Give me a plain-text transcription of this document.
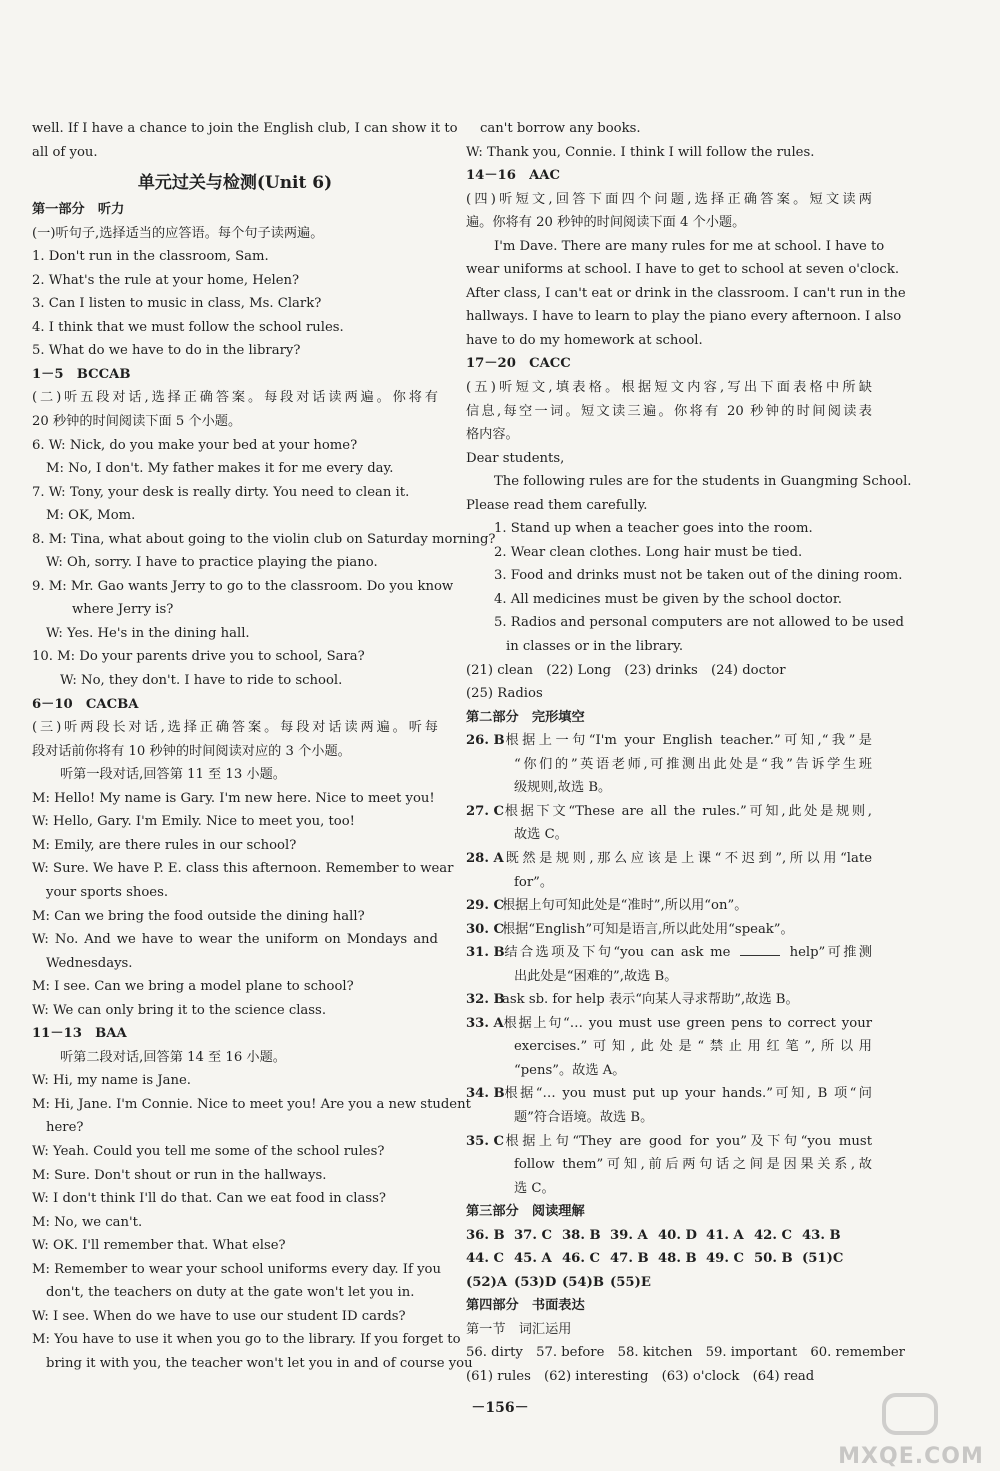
well. If I have a chance to join the English club, I can show it to
all of you.
单元过关与检测(Unit 6)
第一部分　听力
(一)听句子,选择适当的应答语。每个句子读两遍。
1. Don't run in the classroom, Sam.
2. What's the rule at your home, Helen?
3. Can I listen to music in class, Ms. Clark?
4. I think that we must follow the school rules.
5. What do we have to do in the library?
1－5　BCCAB
(二)听五段对话,选择正确答案。每段对话读两遍。你将有
20 秒钟的时间阅读下面 5 个小题。
6. W: Nick, do you make your bed at your home?
M: No, I don't. My father makes it for me every day.
7. W: Tony, your desk is really dirty. You need to clean it.
M: OK, Mom.
8. M: Tina, what about going to the violin club on Saturday morning?
W: Oh, sorry. I have to practice playing the piano.
9. M: Mr. Gao wants Jerry to go to the classroom. Do you know
where Jerry is?
W: Yes. He's in the dining hall.
10. M: Do your parents drive you to school, Sara?
W: No, they don't. I have to ride to school.
6－10　CACBA
(三)听两段长对话,选择正确答案。每段对话读两遍。听每
段对话前你将有 10 秒钟的时间阅读对应的 3 个小题。
听第一段对话,回答第 11 至 13 小题。
M: Hello! My name is Gary. I'm new here. Nice to meet you!
W: Hello, Gary. I'm Emily. Nice to meet you, too!
M: Emily, are there rules in our school?
W: Sure. We have P. E. class this afternoon. Remember to wear
your sports shoes.
M: Can we bring the food outside the dining hall?
W: No. And we have to wear the uniform on Mondays and
Wednesdays.
M: I see. Can we bring a model plane to school?
W: We can only bring it to the science class.
11－13　BAA
听第二段对话,回答第 14 至 16 小题。
W: Hi, my name is Jane.
M: Hi, Jane. I'm Connie. Nice to meet you! Are you a new student
here?
W: Yeah. Could you tell me some of the school rules?
M: Sure. Don't shout or run in the hallways.
W: I don't think I'll do that. Can we eat food in class?
M: No, we can't.
W: OK. I'll remember that. What else?
M: Remember to wear your school uniforms every day. If you
don't, the teachers on duty at the gate won't let you in.
W: I see. When do we have to use our student ID cards?
M: You have to use it when you go to the library. If you forget to
bring it with you, the teacher won't let you in and of course you
can't borrow any books.
W: Thank you, Connie. I think I will follow the rules.
14－16　AAC
(四)听短文,回答下面四个问题,选择正确答案。短文读两
遍。你将有 20 秒钟的时间阅读下面 4 个小题。
I'm Dave. There are many rules for me at school. I have to
wear uniforms at school. I have to get to school at seven o'clock.
After class, I can't eat or drink in the classroom. I can't run in the
hallways. I have to learn to play the piano every afternoon. I also
have to do my homework at school.
17－20　CACC
(五)听短文,填表格。根据短文内容,写出下面表格中所缺
信息,每空一词。短文读三遍。你将有 20 秒钟的时间阅读表
格内容。
Dear students,
The following rules are for the students in Guangming School.
Please read them carefully.
1. Stand up when a teacher goes into the room.
2. Wear clean clothes. Long hair must be tied.
3. Food and drinks must not be taken out of the dining room.
4. All medicines must be given by the school doctor.
5. Radios and personal computers are not allowed to be used
in classes or in the library.
(21) clean　(22) Long　(23) drinks　(24) doctor
(25) Radios
第二部分　完形填空
26. B根据上一句“I'm your English teacher.”可知,“我”是
“你们的”英语老师,可推测出此处是“我”告诉学生班
级规则,故选 B。
27. C根据下文“These are all the rules.”可知,此处是规则,
故选 C。
28. A既然是规则,那么应该是上课“不迟到”,所以用“late
for”。
29. C根据上句可知此处是“准时”,所以用“on”。
30. C根据“English”可知是语言,所以此处用“speak”。
31. B结合选项及下句“you can ask me	help”可推测
出此处是“困难的”,故选 B。
32. Bask sb. for help 表示“向某人寻求帮助”,故选 B。
33. A根据上句“… you must use green pens to correct your
exercises.”可知,此处是“禁止用红笔”,所以用
“pens”。故选 A。
34. B根据“… you must put up your hands.”可知, B 项“问
题”符合语境。故选 B。
35. C根据上句“They are good for you”及下句“you must
follow them”可知,前后两句话之间是因果关系,故
选 C。
第三部分　阅读理解
36. B 37. C 38. B 39. A 40. D 41. A 42. C 43. B
44. C 45. A 46. C 47. B 48. B 49. C 50. B (51)C
(52)A (53)D (54)B (55)E
第四部分　书面表达
第一节　词汇运用
56. dirty　57. before　58. kitchen　59. important　60. remember
(61) rules　(62) interesting　(63) o'clock　(64) read
－156－
MXQE.COM
